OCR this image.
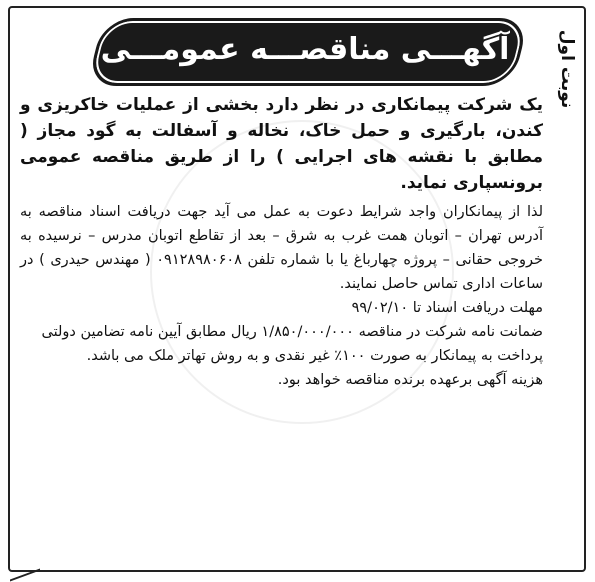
آگهـــی مناقصـــه عمومـــی	نوبت اول

یک شرکت پیمانکاری در نظر دارد بخشی از عملیات خاکریزی و کندن، بارگیری و حمل خاک، نخاله و آسفالت به گود مجاز ( مطابق با نقشه های اجرایی ) را از طریق مناقصه عمومی برونسپاری نماید.

لذا از پیمانکاران واجد شرایط دعوت به عمل می آید جهت دریافت اسناد مناقصه به آدرس تهران – اتوبان همت غرب به شرق – بعد از تقاطع اتوبان مدرس – نرسیده به خروجی حقانی – پروژه چهارباغ یا با شماره تلفن ۰۹۱۲۸۹۸۰۶۰۸ ( مهندس حیدری ) در ساعات اداری تماس حاصل نمایند.

مهلت دریافت اسناد تا ۹۹/۰۲/۱۰

ضمانت نامه شرکت در مناقصه ۱/۸۵۰/۰۰۰/۰۰۰ ریال مطابق آیین نامه تضامین دولتی

پرداخت به پیمانکار به صورت ۱۰۰٪ غیر نقدی و به روش تهاتر ملک می باشد.

هزینه آگهی برعهده برنده مناقصه خواهد بود.
